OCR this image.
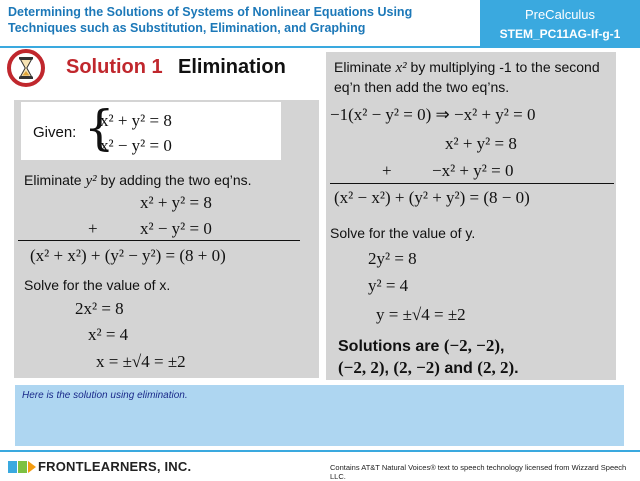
Determining the Solutions of Systems of Nonlinear Equations Using Techniques such as Substitution, Elimination, and Graphing
PreCalculus
STEM_PC11AG-If-g-1
Solution 1 Elimination
Given: {
x² + y² = 8
x² − y² = 0
Eliminate y² by adding the two eq’ns.
x² + y² = 8
+ x² − y² = 0
(x² + x²) + (y² − y²) = (8 + 0)
Solve for the value of x.
2x² = 8
x² = 4
x = ±√4 = ±2
Eliminate x² by multiplying -1 to the second eq’n then add the two eq’ns.
−1(x² − y² = 0) ⇒ −x² + y² = 0
x² + y² = 8
+ −x² + y² = 0
(x² − x²) + (y² + y²) = (8 − 0)
Solve for the value of y.
2y² = 8
y² = 4
y = ±√4 = ±2
Solutions are (−2, −2),
(−2, 2), (2, −2) and (2, 2).
Here is the solution using elimination.
FRONTLEARNERS, INC.	Contains AT&T Natural Voices® text to speech technology licensed from Wizzard Speech LLC.
